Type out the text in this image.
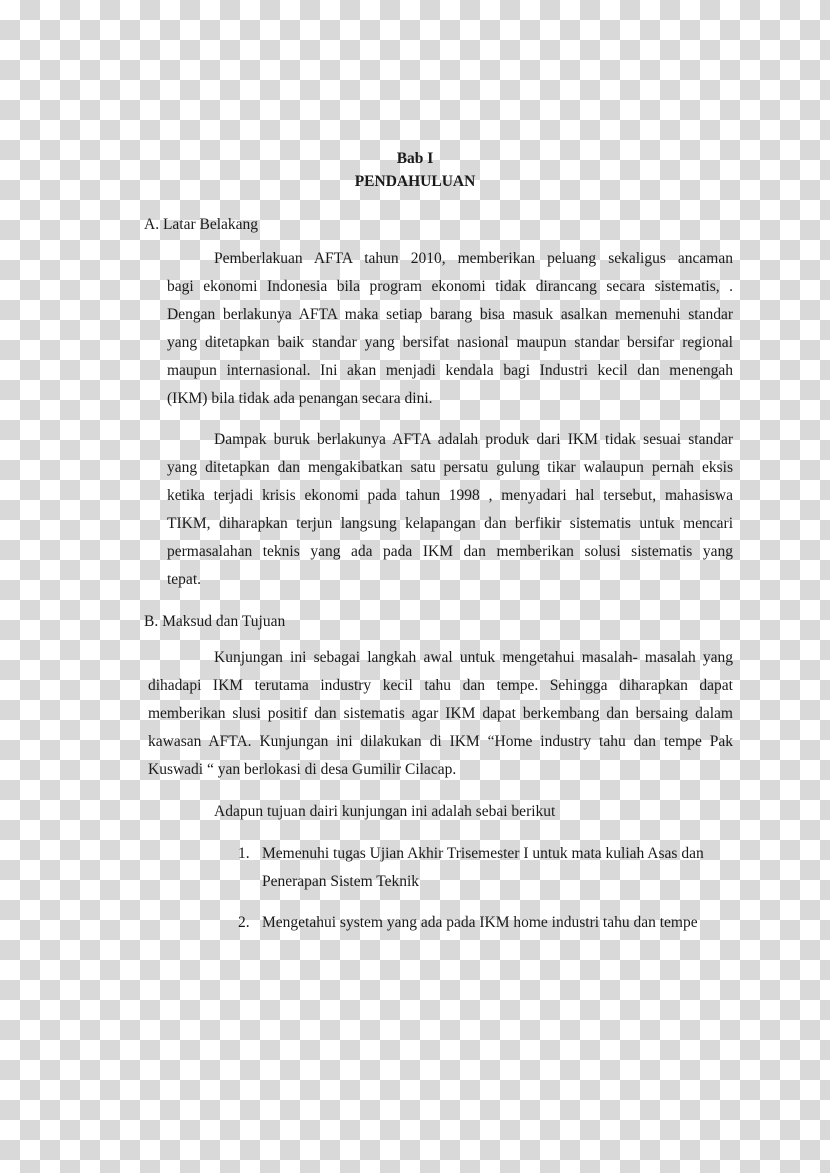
Bab I
PENDAHULUAN
A. Latar Belakang
Pemberlakuan AFTA tahun 2010, memberikan peluang sekaligus ancaman
bagi ekonomi Indonesia bila program ekonomi tidak dirancang secara sistematis, .
Dengan berlakunya AFTA maka setiap barang bisa masuk asalkan memenuhi standar
yang ditetapkan baik standar yang bersifat nasional maupun standar bersifar regional
maupun internasional. Ini akan menjadi kendala bagi Industri kecil dan menengah
(IKM) bila tidak ada penangan secara dini.
Dampak buruk berlakunya AFTA adalah produk dari IKM tidak sesuai standar
yang ditetapkan dan mengakibatkan satu persatu gulung tikar walaupun pernah eksis
ketika terjadi krisis ekonomi pada tahun 1998 , menyadari hal tersebut, mahasiswa
TIKM, diharapkan terjun langsung kelapangan dan berfikir sistematis untuk mencari
permasalahan teknis yang ada pada IKM dan memberikan solusi sistematis yang
tepat.
B. Maksud dan Tujuan
Kunjungan ini sebagai langkah awal untuk mengetahui masalah- masalah yang
dihadapi IKM terutama industry kecil tahu dan tempe. Sehingga diharapkan dapat
memberikan slusi positif dan sistematis agar IKM dapat berkembang dan bersaing dalam
kawasan AFTA. Kunjungan ini dilakukan di IKM “Home industry tahu dan tempe Pak
Kuswadi “ yan berlokasi di desa Gumilir Cilacap.
Adapun tujuan dairi kunjungan ini adalah sebai berikut
1. Memenuhi tugas Ujian Akhir Trisemester I untuk mata kuliah Asas dan
Penerapan Sistem Teknik
2. Mengetahui system yang ada pada IKM home industri tahu dan tempe
